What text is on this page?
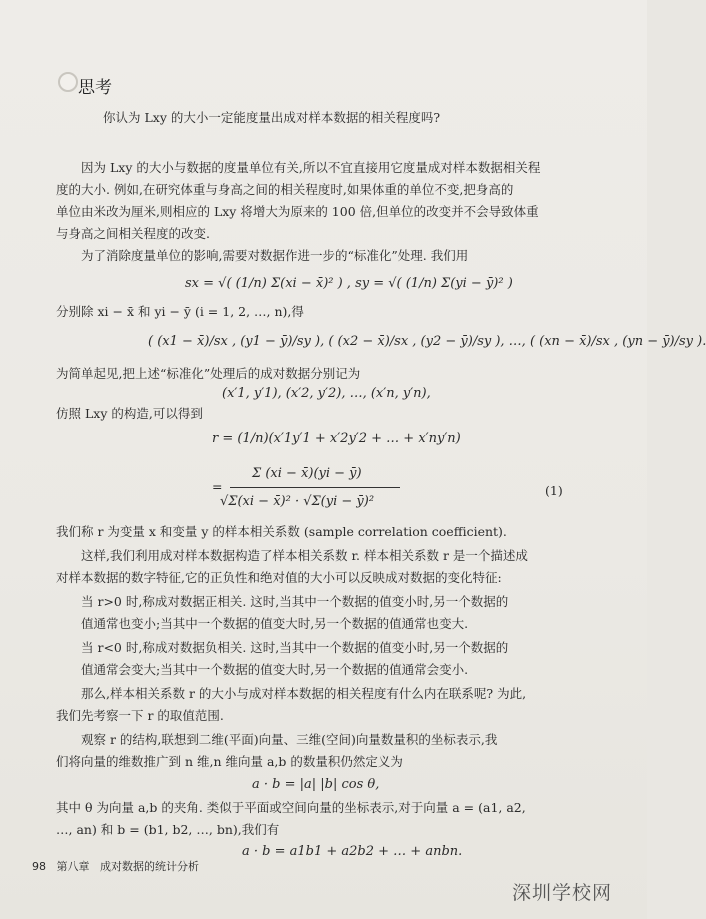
思考
你认为 Lxy 的大小一定能度量出成对样本数据的相关程度吗?
因为 Lxy 的大小与数据的度量单位有关,所以不宜直接用它度量成对样本数据相关程
度的大小. 例如,在研究体重与身高之间的相关程度时,如果体重的单位不变,把身高的
单位由米改为厘米,则相应的 Lxy 将增大为原来的 100 倍,但单位的改变并不会导致体重
与身高之间相关程度的改变.
为了消除度量单位的影响,需要对数据作进一步的“标准化”处理. 我们用
sx = √( (1/n) Σ(xi − x̄)² ) , sy = √( (1/n) Σ(yi − ȳ)² )
分别除 xi − x̄ 和 yi − ȳ (i = 1, 2, …, n),得
( (x1 − x̄)/sx , (y1 − ȳ)/sy ), ( (x2 − x̄)/sx , (y2 − ȳ)/sy ), …, ( (xn − x̄)/sx , (yn − ȳ)/sy ).
为简单起见,把上述“标准化”处理后的成对数据分别记为
(x′1, y′1), (x′2, y′2), …, (x′n, y′n),
仿照 Lxy 的构造,可以得到
r = (1/n)(x′1y′1 + x′2y′2 + … + x′ny′n)
Σ (xi − x̄)(yi − ȳ)
√Σ(xi − x̄)² · √Σ(yi − ȳ)²
=	(1)
我们称 r 为变量 x 和变量 y 的样本相关系数 (sample correlation coefficient).
这样,我们利用成对样本数据构造了样本相关系数 r. 样本相关系数 r 是一个描述成
对样本数据的数字特征,它的正负性和绝对值的大小可以反映成对数据的变化特征:
当 r>0 时,称成对数据正相关. 这时,当其中一个数据的值变小时,另一个数据的
值通常也变小;当其中一个数据的值变大时,另一个数据的值通常也变大.
当 r<0 时,称成对数据负相关. 这时,当其中一个数据的值变小时,另一个数据的
值通常会变大;当其中一个数据的值变大时,另一个数据的值通常会变小.
那么,样本相关系数 r 的大小与成对样本数据的相关程度有什么内在联系呢? 为此,
我们先考察一下 r 的取值范围.
观察 r 的结构,联想到二维(平面)向量、三维(空间)向量数量积的坐标表示,我
们将向量的维数推广到 n 维,n 维向量 a,b 的数量积仍然定义为
a · b = |a| |b| cos θ,
其中 θ 为向量 a,b 的夹角. 类似于平面或空间向量的坐标表示,对于向量 a = (a1, a2,
…, an) 和 b = (b1, b2, …, bn),我们有
a · b = a1b1 + a2b2 + … + anbn.
98 第八章 成对数据的统计分析
深圳学校网
